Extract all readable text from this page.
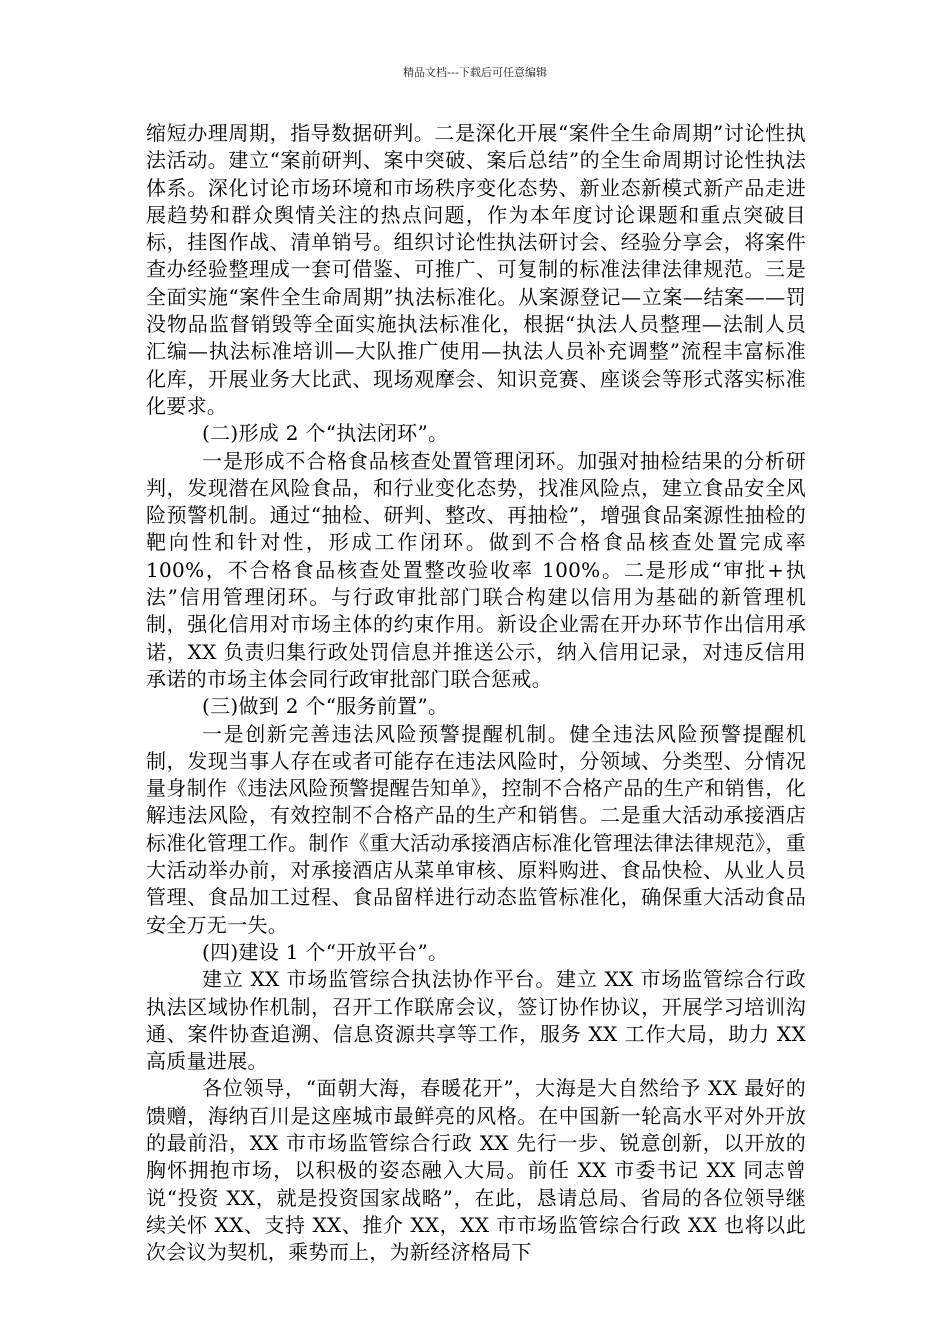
精品文档---下载后可任意编辑

缩短办理周期，指导数据研判。二是深化开展“案件全生命周期”讨论性执法活动。建立“案前研判、案中突破、案后总结”的全生命周期讨论性执法体系。深化讨论市场环境和市场秩序变化态势、新业态新模式新产品走进展趋势和群众舆情关注的热点问题，作为本年度讨论课题和重点突破目标，挂图作战、清单销号。组织讨论性执法研讨会、经验分享会，将案件查办经验整理成一套可借鉴、可推广、可复制的标准法律法律规范。三是全面实施“案件全生命周期”执法标准化。从案源登记—立案—结案——罚没物品监督销毁等全面实施执法标准化，根据“执法人员整理—法制人员汇编—执法标准培训—大队推广使用—执法人员补充调整”流程丰富标准化库，开展业务大比武、现场观摩会、知识竞赛、座谈会等形式落实标准化要求。

(二)形成 2 个“执法闭环”。

一是形成不合格食品核查处置管理闭环。加强对抽检结果的分析研判，发现潜在风险食品，和行业变化态势，找准风险点，建立食品安全风险预警机制。通过“抽检、研判、整改、再抽检”，增强食品案源性抽检的靶向性和针对性，形成工作闭环。做到不合格食品核查处置完成率 100%，不合格食品核查处置整改验收率 100%。二是形成“审批+执法”信用管理闭环。与行政审批部门联合构建以信用为基础的新管理机制，强化信用对市场主体的约束作用。新设企业需在开办环节作出信用承诺，XX 负责归集行政处罚信息并推送公示，纳入信用记录，对违反信用承诺的市场主体会同行政审批部门联合惩戒。

(三)做到 2 个“服务前置”。

一是创新完善违法风险预警提醒机制。健全违法风险预警提醒机制，发现当事人存在或者可能存在违法风险时，分领域、分类型、分情况量身制作《违法风险预警提醒告知单》，控制不合格产品的生产和销售，化解违法风险，有效控制不合格产品的生产和销售。二是重大活动承接酒店标准化管理工作。制作《重大活动承接酒店标准化管理法律法律规范》，重大活动举办前，对承接酒店从菜单审核、原料购进、食品快检、从业人员管理、食品加工过程、食品留样进行动态监管标准化，确保重大活动食品安全万无一失。

(四)建设 1 个“开放平台”。

建立 XX 市场监管综合执法协作平台。建立 XX 市场监管综合行政执法区域协作机制，召开工作联席会议，签订协作协议，开展学习培训沟通、案件协查追溯、信息资源共享等工作，服务 XX 工作大局，助力 XX 高质量进展。

各位领导，“面朝大海，春暖花开”，大海是大自然给予 XX 最好的馈赠，海纳百川是这座城市最鲜亮的风格。在中国新一轮高水平对外开放的最前沿，XX 市市场监管综合行政 XX 先行一步、锐意创新，以开放的胸怀拥抱市场，以积极的姿态融入大局。前任 XX 市委书记 XX 同志曾说“投资 XX，就是投资国家战略”，在此，恳请总局、省局的各位领导继续关怀 XX、支持 XX、推介 XX，XX 市市场监管综合行政 XX 也将以此次会议为契机，乘势而上，为新经济格局下
